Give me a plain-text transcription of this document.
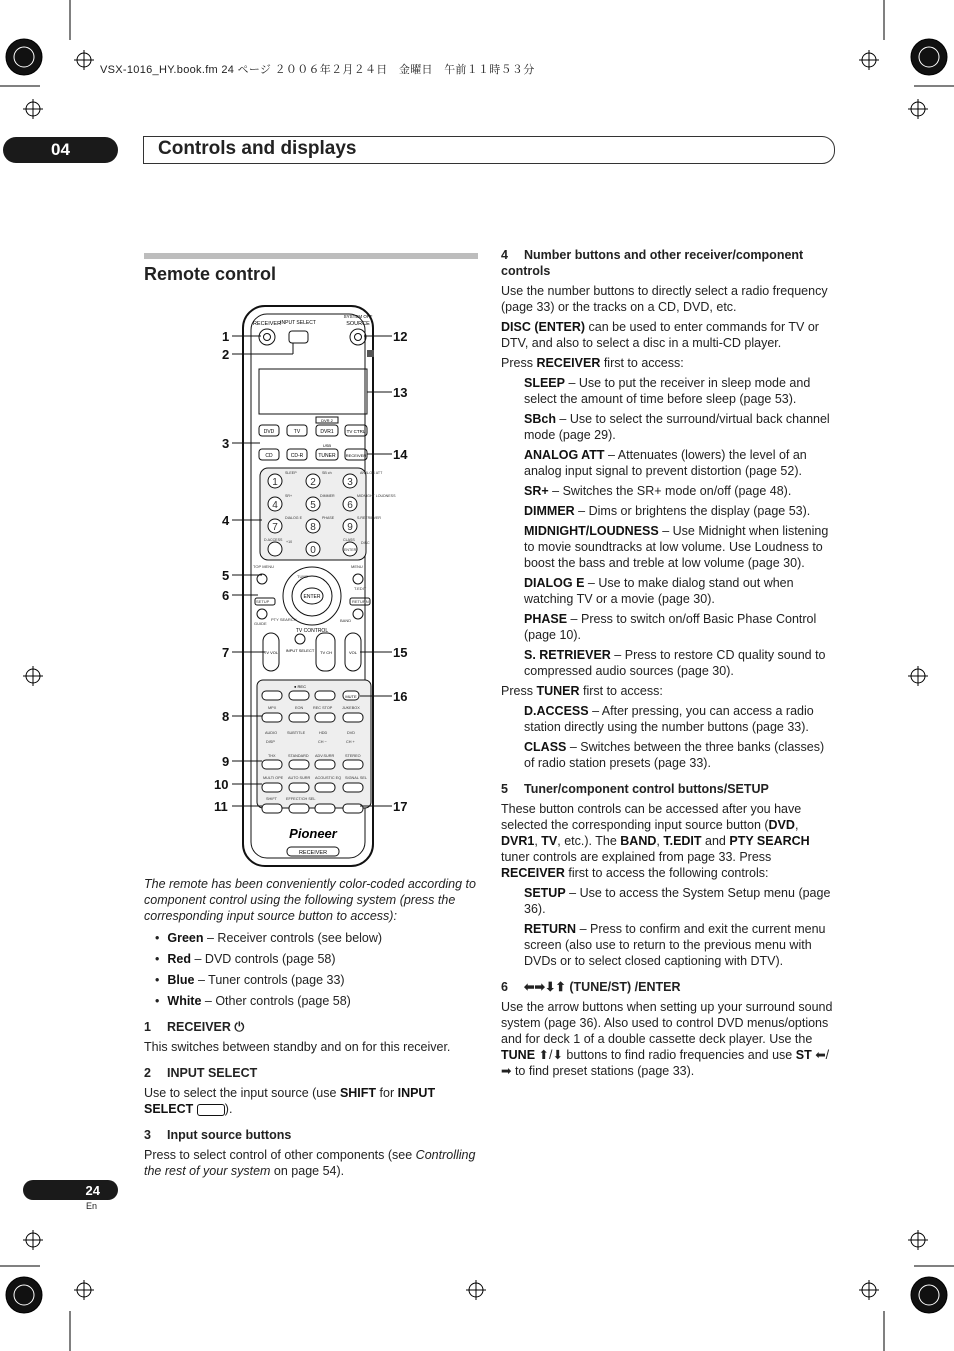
VSX-1016_HY.book.fm 24 ページ ２００６年２月２４日　金曜日　午前１１時５３分
04	Controls and displays
Remote control
RECEIVER INPUT SELECT
SYSTEM OFF
SOURCE
DVR 2
DVD	TV	DVR1	TV CTRL
USB
CD	CD-R	TUNER	RECEIVER
1	2	3
4	5	6
7	8	9
0
SLEEP	SB ch	ANALOG ATT
SR+	DIMMER	MIDNIGHT LOUDNESS
DIALOG E	PHASE	S.RETRIEVER
D.ACCESS +10	CLASS
DISC
ENTER
TOP MENU	MENU
TUNE
T.EDIT
SETUP	RETURN
GUIDE
PTY SEARCH	BAND
ENTER
TV CONTROL
TV VOL INPUT SELECT TV CH	VOL
● REC
MUTE
MPX	EON	REC STOP	JUKEBOX
AUDIO	SUBTITLE	HDD	DVD
DISP	CH −	CH +
THX	STANDARD ADV.SURR	STEREO
MULTI OPE AUTO SURR ACOUSTIC EQ SIGNAL SEL
SHIFT EFFECT/CH SEL
Pioneer
RECEIVER
1
2
3
4
5
6
7
8
9
10
11
12
13
14
15
16
17

The remote has been conveniently color-coded according to component control using the following system (press the corresponding input source button to access):

• Green – Receiver controls (see below)
• Red – DVD controls (page 58)
• Blue – Tuner controls (page 33)
• White – Other controls (page 58)

1 RECEIVER ⏻

This switches between standby and on for this receiver.

2 INPUT SELECT

Use to select the input source (use SHIFT for INPUT SELECT	).

3 Input source buttons

Press to select control of other components (see Controlling the rest of your system on page 54).

4 Number buttons and other receiver/component controls

Use the number buttons to directly select a radio frequency (page 33) or the tracks on a CD, DVD, etc.

DISC (ENTER) can be used to enter commands for TV or DTV, and also to select a disc in a multi-CD player.

Press RECEIVER first to access:

SLEEP – Use to put the receiver in sleep mode and select the amount of time before sleep (page 53).

SBch – Use to select the surround/virtual back channel mode (page 29).

ANALOG ATT – Attenuates (lowers) the level of an analog input signal to prevent distortion (page 52).

SR+ – Switches the SR+ mode on/off (page 48).

DIMMER – Dims or brightens the display (page 53).

MIDNIGHT/LOUDNESS – Use Midnight when listening to movie soundtracks at low volume. Use Loudness to boost the bass and treble at low volume (page 30).

DIALOG E – Use to make dialog stand out when watching TV or a movie (page 30).

PHASE – Press to switch on/off Basic Phase Control (page 10).

S. RETRIEVER – Press to restore CD quality sound to compressed audio sources (page 30).

Press TUNER first to access:

D.ACCESS – After pressing, you can access a radio station directly using the number buttons (page 33).

CLASS – Switches between the three banks (classes) of radio station presets (page 33).

5 Tuner/component control buttons/SETUP

These button controls can be accessed after you have selected the corresponding input source button (DVD, DVR1, TV, etc.). The BAND, T.EDIT and PTY SEARCH tuner controls are explained from page 33. Press RECEIVER first to access the following controls:

SETUP – Use to access the System Setup menu (page 36).

RETURN – Press to confirm and exit the current menu screen (also use to return to the previous menu with DVDs or to select closed captioning with DTV).

6 ⬅➡⬇⬆ (TUNE/ST) /ENTER

Use the arrow buttons when setting up your surround sound system (page 36). Also used to control DVD menus/options and for deck 1 of a double cassette deck player. Use the TUNE ⬆/⬇ buttons to find radio frequencies and use ST ⬅/➡ to find preset stations (page 33).

24
En
